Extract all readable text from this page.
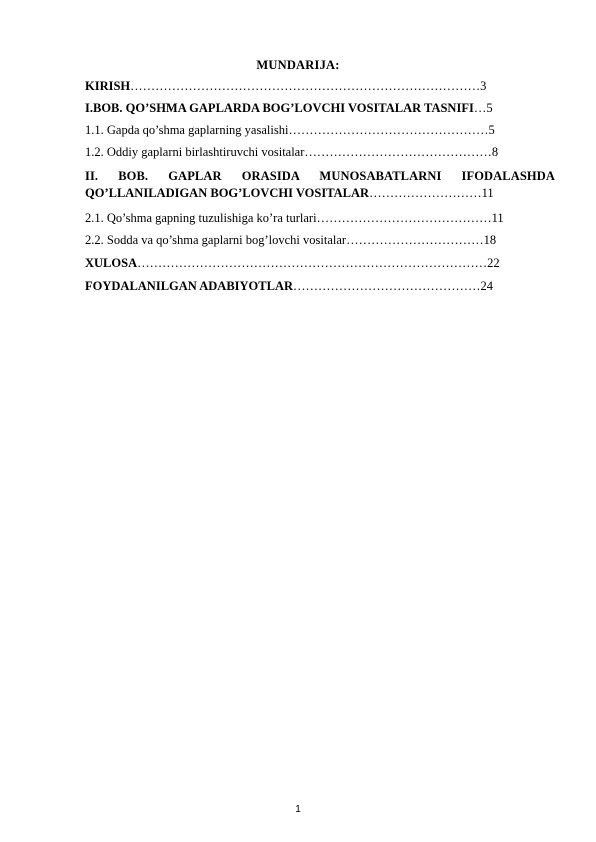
MUNDARIJA:
KIRISH…………………………………………………………………………3
I.BOB. QO’SHMA GAPLARDA BOG’LOVCHI VOSITALAR TASNIFI…5
1.1. Gapda qo’shma gaplarning yasalishi…………………………………………5
1.2. Oddiy gaplarni birlashtiruvchi vositalar………………………………………8
II. BOB. GAPLAR ORASIDA MUNOSABATLARNI IFODALASHDA
QO’LLANILADIGAN BOG’LOVCHI VOSITALAR………………………11
2.1. Qo’shma gapning tuzulishiga ko’ra turlari……………………………………11
2.2. Sodda va qo’shma gaplarni bog’lovchi vositalar……………………………18
XULOSA…………………………………………………………………………22
FOYDALANILGAN ADABIYOTLAR………………………………………24
1
